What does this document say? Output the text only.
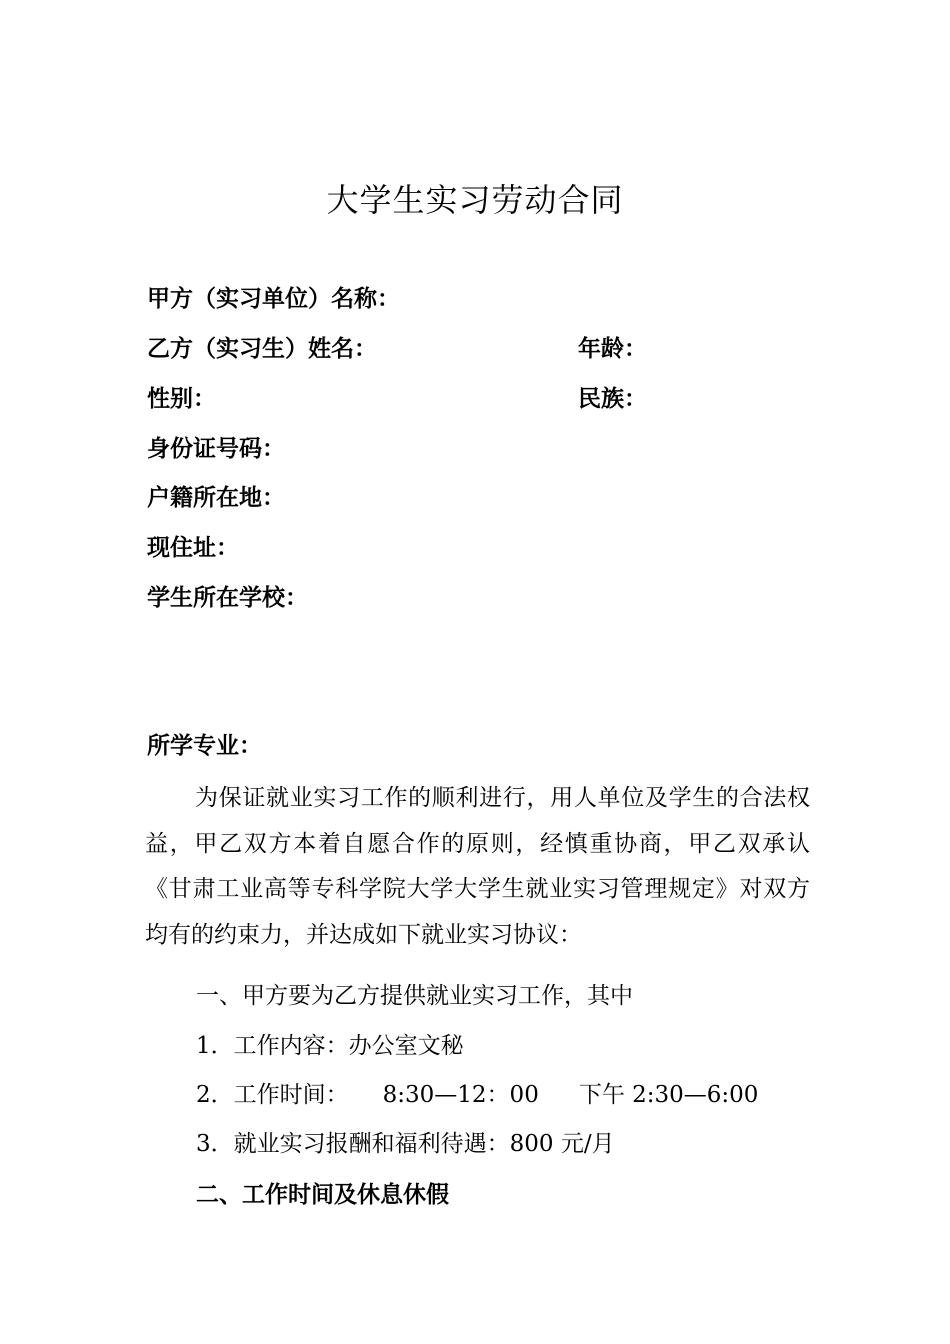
大学生实习劳动合同
甲方（实习单位）名称：
乙方（实习生）姓名：	年龄：
性别：	民族：
身份证号码：
户籍所在地：
现住址：
学生所在学校：
所学专业：
为保证就业实习工作的顺利进行，用人单位及学生的合法权益，甲乙双方本着自愿合作的原则，经慎重协商，甲乙双承认《甘肃工业高等专科学院大学大学生就业实习管理规定》对双方均有的约束力，并达成如下就业实习协议：
一、甲方要为乙方提供就业实习工作，其中
1．工作内容：办公室文秘
2．工作时间： 8:30—12：00 下午 2:30—6:00
3．就业实习报酬和福利待遇：800 元/月
二、工作时间及休息休假
